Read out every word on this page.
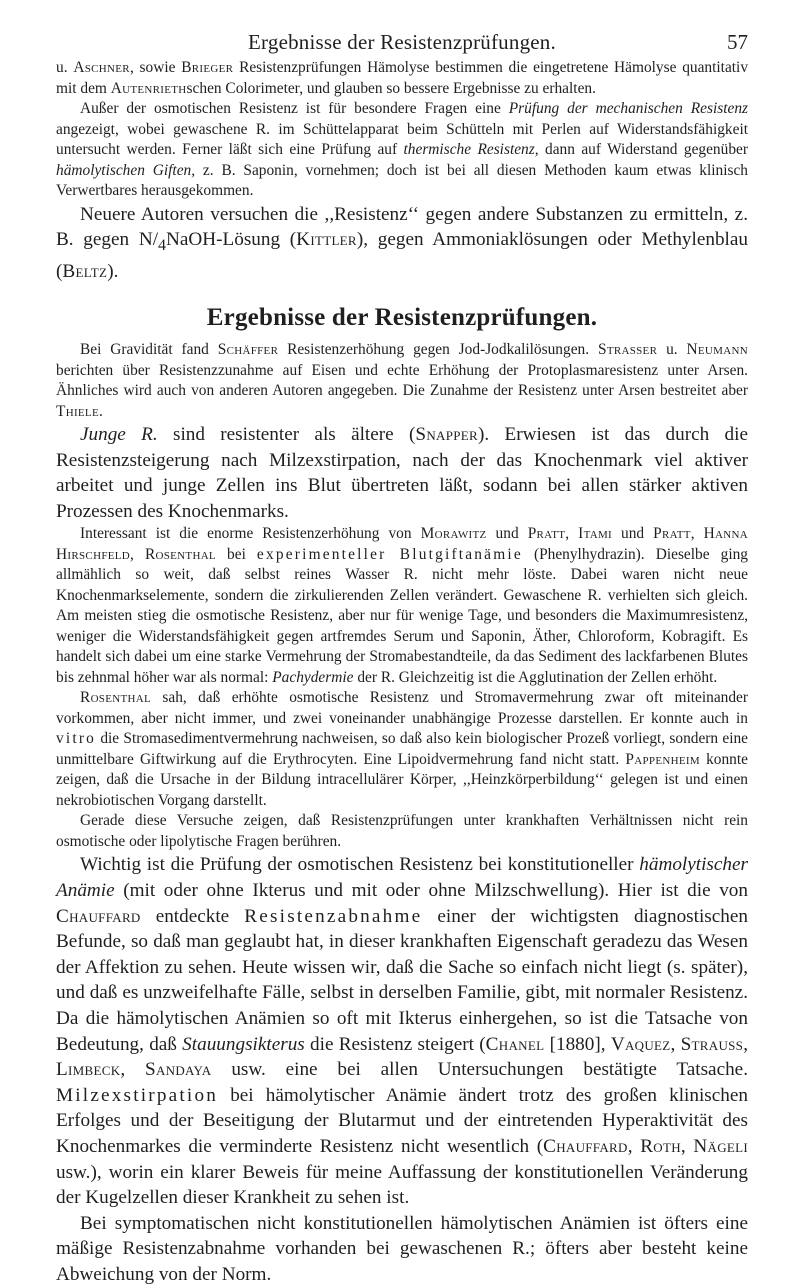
Ergebnisse der Resistenzprüfungen.	57

u. Aschner, sowie Brieger Resistenzprüfungen Hämolyse bestimmen die eingetretene Hämolyse quantitativ mit dem Autenriethschen Colorimeter, und glauben so bessere Ergebnisse zu erhalten.

Außer der osmotischen Resistenz ist für besondere Fragen eine Prüfung der mechanischen Resistenz angezeigt, wobei gewaschene R. im Schüttelapparat beim Schütteln mit Perlen auf Widerstandsfähigkeit untersucht werden. Ferner läßt sich eine Prüfung auf thermische Resistenz, dann auf Widerstand gegenüber hämolytischen Giften, z. B. Saponin, vornehmen; doch ist bei all diesen Methoden kaum etwas klinisch Verwertbares herausgekommen.

Neuere Autoren versuchen die ,,Resistenz‘‘ gegen andere Substanzen zu ermitteln, z. B. gegen $N/_4NaOH$-Lösung (Kittler), gegen Ammoniaklösungen oder Methylenblau (Beltz).

Ergebnisse der Resistenzprüfungen.

Bei Gravidität fand Schäffer Resistenzerhöhung gegen Jod-Jodkalilösungen. Strasser u. Neumann berichten über Resistenzzunahme auf Eisen und echte Erhöhung der Protoplasmaresistenz unter Arsen. Ähnliches wird auch von anderen Autoren angegeben. Die Zunahme der Resistenz unter Arsen bestreitet aber Thiele.

Junge R. sind resistenter als ältere (Snapper). Erwiesen ist das durch die Resistenzsteigerung nach Milzexstirpation, nach der das Knochenmark viel aktiver arbeitet und junge Zellen ins Blut übertreten läßt, sodann bei allen stärker aktiven Prozessen des Knochenmarks.

Interessant ist die enorme Resistenzerhöhung von Morawitz und Pratt, Itami und Pratt, Hanna Hirschfeld, Rosenthal bei experimenteller Blutgiftanämie (Phenylhydrazin). Dieselbe ging allmählich so weit, daß selbst reines Wasser R. nicht mehr löste. Dabei waren nicht neue Knochenmarkselemente, sondern die zirkulierenden Zellen verändert. Gewaschene R. verhielten sich gleich. Am meisten stieg die osmotische Resistenz, aber nur für wenige Tage, und besonders die Maximumresistenz, weniger die Widerstandsfähigkeit gegen artfremdes Serum und Saponin, Äther, Chloroform, Kobragift. Es handelt sich dabei um eine starke Vermehrung der Stromabestandteile, da das Sediment des lackfarbenen Blutes bis zehnmal höher war als normal: Pachydermie der R. Gleichzeitig ist die Agglutination der Zellen erhöht.

Rosenthal sah, daß erhöhte osmotische Resistenz und Stromavermehrung zwar oft miteinander vorkommen, aber nicht immer, und zwei voneinander unabhängige Prozesse darstellen. Er konnte auch in vitro die Stromasedimentvermehrung nachweisen, so daß also kein biologischer Prozeß vorliegt, sondern eine unmittelbare Giftwirkung auf die Erythrocyten. Eine Lipoidvermehrung fand nicht statt. Pappenheim konnte zeigen, daß die Ursache in der Bildung intracellulärer Körper, ,,Heinzkörperbildung‘‘ gelegen ist und einen nekrobiotischen Vorgang darstellt.

Gerade diese Versuche zeigen, daß Resistenzprüfungen unter krankhaften Verhältnissen nicht rein osmotische oder lipolytische Fragen berühren.

Wichtig ist die Prüfung der osmotischen Resistenz bei konstitutioneller hämolytischer Anämie (mit oder ohne Ikterus und mit oder ohne Milzschwellung). Hier ist die von Chauffard entdeckte Resistenzabnahme einer der wichtigsten diagnostischen Befunde, so daß man geglaubt hat, in dieser krankhaften Eigenschaft geradezu das Wesen der Affektion zu sehen. Heute wissen wir, daß die Sache so einfach nicht liegt (s. später), und daß es unzweifelhafte Fälle, selbst in derselben Familie, gibt, mit normaler Resistenz. Da die hämolytischen Anämien so oft mit Ikterus einhergehen, so ist die Tatsache von Bedeutung, daß Stauungsikterus die Resistenz steigert (Chanel [1880], Vaquez, Strauss, Limbeck, Sandaya usw. eine bei allen Untersuchungen bestätigte Tatsache. Milzexstirpation bei hämolytischer Anämie ändert trotz des großen klinischen Erfolges und der Beseitigung der Blutarmut und der eintretenden Hyperaktivität des Knochenmarkes die verminderte Resistenz nicht wesentlich (Chauffard, Roth, Nägeli usw.), worin ein klarer Beweis für meine Auffassung der konstitutionellen Veränderung der Kugelzellen dieser Krankheit zu sehen ist.

Bei symptomatischen nicht konstitutionellen hämolytischen Anämien ist öfters eine mäßige Resistenzabnahme vorhanden bei gewaschenen R.; öfters aber besteht keine Abweichung von der Norm.
